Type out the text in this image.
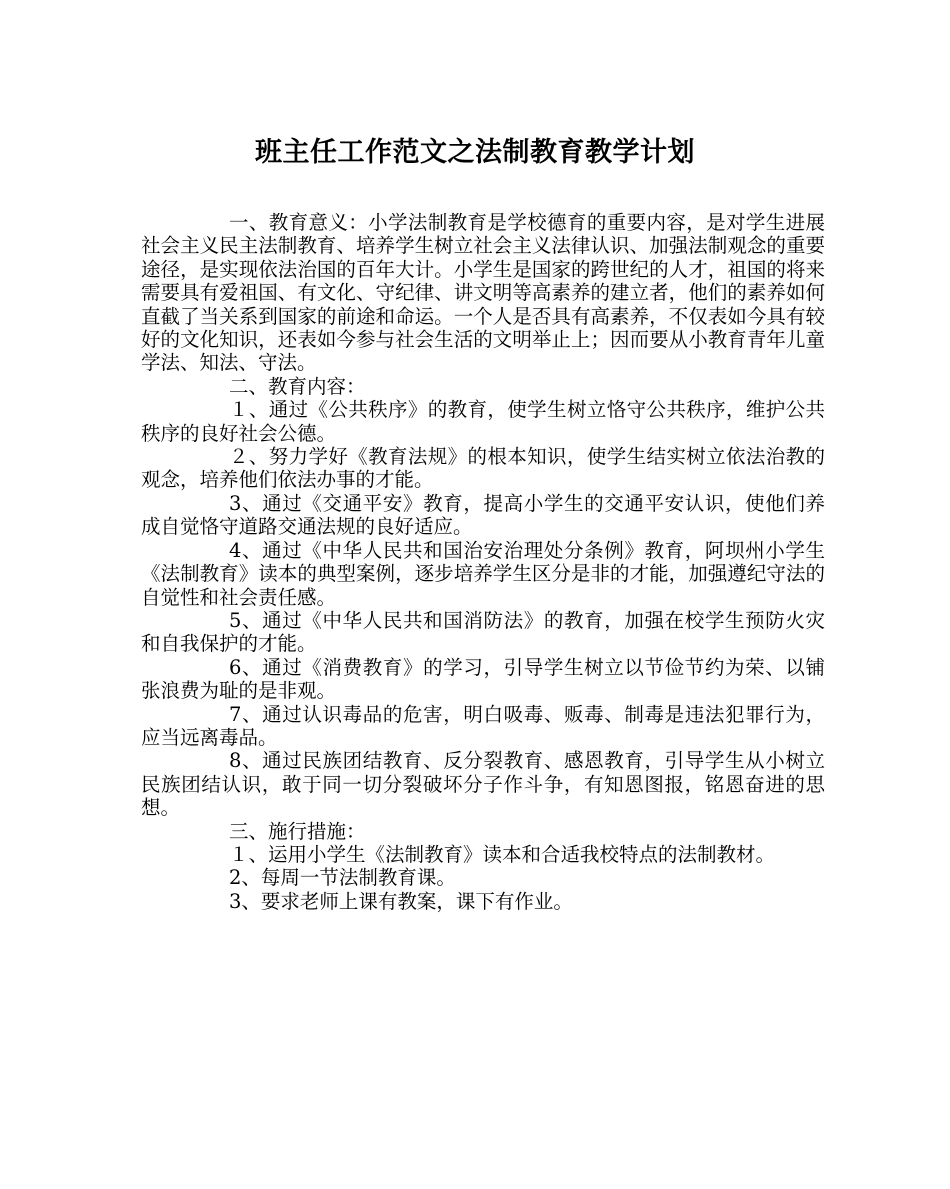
班主任工作范文之法制教育教学计划

一、教育意义：小学法制教育是学校德育的重要内容，是对学生进展社会主义民主法制教育、培养学生树立社会主义法律认识、加强法制观念的重要途径，是实现依法治国的百年大计。小学生是国家的跨世纪的人才，祖国的将来需要具有爱祖国、有文化、守纪律、讲文明等高素养的建立者，他们的素养如何直截了当关系到国家的前途和命运。一个人是否具有高素养，不仅表如今具有较好的文化知识，还表如今参与社会生活的文明举止上；因而要从小教育青年儿童学法、知法、守法。

二、教育内容：

１、通过《公共秩序》的教育，使学生树立恪守公共秩序，维护公共秩序的良好社会公德。

２、努力学好《教育法规》的根本知识，使学生结实树立依法治教的观念，培养他们依法办事的才能。

3、通过《交通平安》教育，提高小学生的交通平安认识，使他们养成自觉恪守道路交通法规的良好适应。

4、通过《中华人民共和国治安治理处分条例》教育，阿坝州小学生《法制教育》读本的典型案例，逐步培养学生区分是非的才能，加强遵纪守法的自觉性和社会责任感。

5、通过《中华人民共和国消防法》的教育，加强在校学生预防火灾和自我保护的才能。

6、通过《消费教育》的学习，引导学生树立以节俭节约为荣、以铺张浪费为耻的是非观。

7、通过认识毒品的危害，明白吸毒、贩毒、制毒是违法犯罪行为，应当远离毒品。

8、通过民族团结教育、反分裂教育、感恩教育，引导学生从小树立民族团结认识，敢于同一切分裂破坏分子作斗争，有知恩图报，铭恩奋进的思想。

三、施行措施：

１、运用小学生《法制教育》读本和合适我校特点的法制教材。

2、每周一节法制教育课。

3、要求老师上课有教案，课下有作业。
